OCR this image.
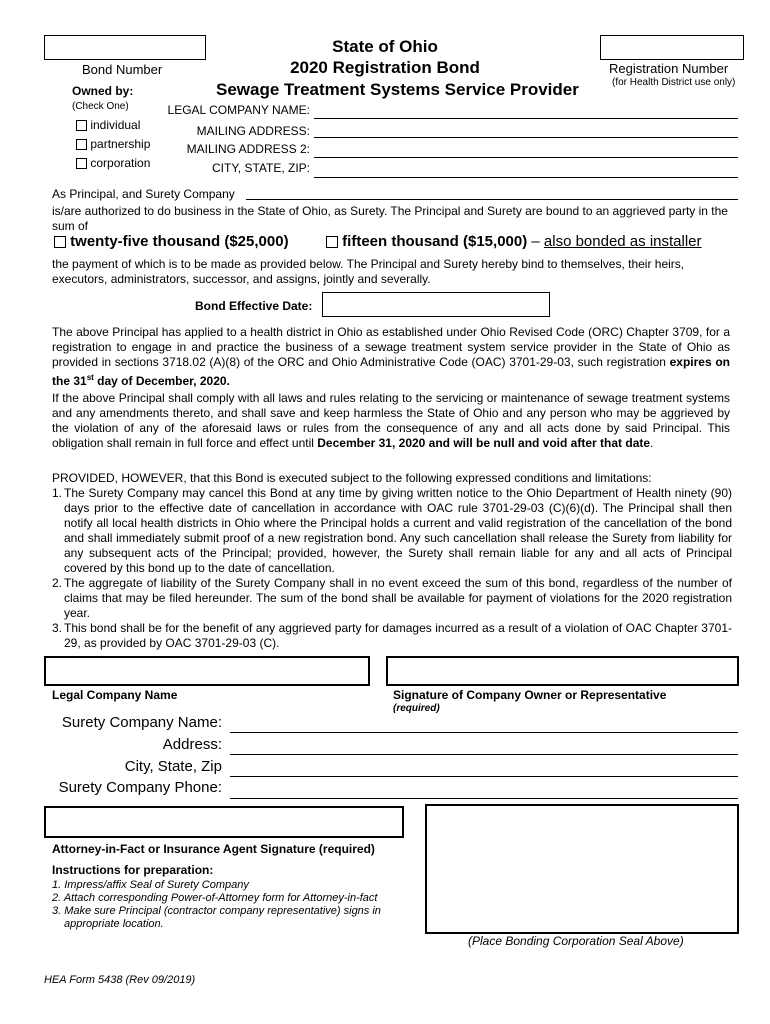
Bond Number	Registration Number
(for Health District use only)
State of Ohio
2020 Registration Bond
Sewage Treatment Systems Service Provider
Owned by:
(Check One)
individual
partnership
corporation
LEGAL COMPANY NAME:
MAILING ADDRESS:
MAILING ADDRESS 2:
CITY, STATE, ZIP:
As Principal, and Surety Company
is/are authorized to do business in the State of Ohio, as Surety. The Principal and Surety are bound to an aggrieved party in the sum of
twenty-five thousand ($25,000)	fifteen thousand ($15,000) – also bonded as installer
the payment of which is to be made as provided below. The Principal and Surety hereby bind to themselves, their heirs, executors, administrators, successor, and assigns, jointly and severally.
Bond Effective Date:
The above Principal has applied to a health district in Ohio as established under Ohio Revised Code (ORC) Chapter 3709, for a registration to engage in and practice the business of a sewage treatment system service provider in the State of Ohio as provided in sections 3718.02 (A)(8) of the ORC and Ohio Administrative Code (OAC) 3701-29-03, such registration expires on the 31st day of December, 2020.
If the above Principal shall comply with all laws and rules relating to the servicing or maintenance of sewage treatment systems and any amendments thereto, and shall save and keep harmless the State of Ohio and any person who may be aggrieved by the violation of any of the aforesaid laws or rules from the consequence of any and all acts done by said Principal. This obligation shall remain in full force and effect until December 31, 2020 and will be null and void after that date.
PROVIDED, HOWEVER, that this Bond is executed subject to the following expressed conditions and limitations:
1. The Surety Company may cancel this Bond at any time by giving written notice to the Ohio Department of Health ninety (90) days prior to the effective date of cancellation in accordance with OAC rule 3701-29-03 (C)(6)(d). The Principal shall then notify all local health districts in Ohio where the Principal holds a current and valid registration of the cancellation of the bond and shall immediately submit proof of a new registration bond. Any such cancellation shall release the Surety from liability for any subsequent acts of the Principal; provided, however, the Surety shall remain liable for any and all acts of Principal covered by this bond up to the date of cancellation.
2. The aggregate of liability of the Surety Company shall in no event exceed the sum of this bond, regardless of the number of claims that may be filed hereunder. The sum of the bond shall be available for payment of violations for the 2020 registration year.
3. This bond shall be for the benefit of any aggrieved party for damages incurred as a result of a violation of OAC Chapter 3701-29, as provided by OAC 3701-29-03 (C).
Legal Company Name	Signature of Company Owner or Representative
(required)
Surety Company Name:
Address:
City, State, Zip
Surety Company Phone:
Attorney-in-Fact or Insurance Agent Signature (required)
(Place Bonding Corporation Seal Above)
Instructions for preparation:
1. Impress/affix Seal of Surety Company
2. Attach corresponding Power-of-Attorney form for Attorney-in-fact
3. Make sure Principal (contractor company representative) signs in
appropriate location.
HEA Form 5438 (Rev 09/2019)
